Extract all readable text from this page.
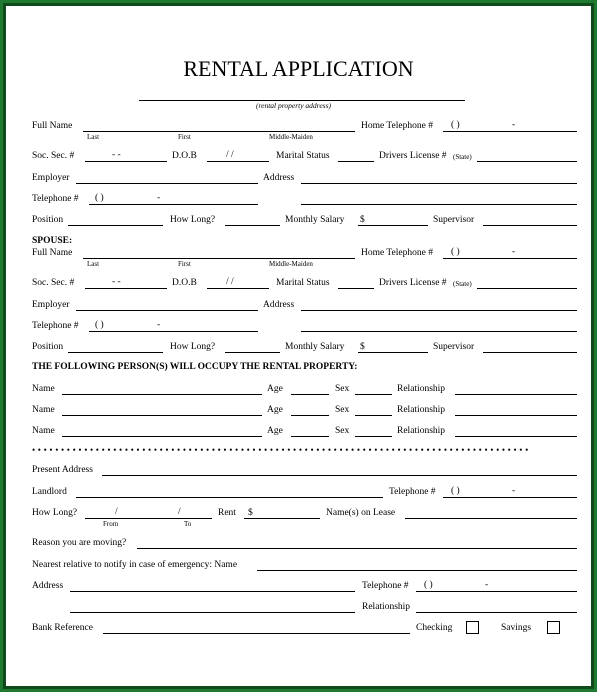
RENTAL APPLICATION
(rental property address)
Full Name
Last	First	Middle-Maiden
Home Telephone # ( )	-
Soc. Sec. #	- -	D.O.B	/ /	Marital Status	Drivers License # (State)
Employer	Address
Telephone # ( )	-
Position	How Long?	Monthly Salary $	Supervisor
SPOUSE:
Full Name
Last	First	Middle-Maiden
Home Telephone # ( )	-
Soc. Sec. #	- -	D.O.B	/ /	Marital Status	Drivers License # (State)
Employer	Address
Telephone # ( )	-
Position	How Long?	Monthly Salary $	Supervisor
THE FOLLOWING PERSON(S) WILL OCCUPY THE RENTAL PROPERTY:
Name	Age	Sex	Relationship
Name	Age	Sex	Relationship
Name	Age	Sex	Relationship
• • • • • • • • • • • • • • • • • • • • • • • • • • • • • • • • • • • • • • • • • • • • • • • • • • • • • • • • • • • • • • • • • • • • • • • • • • • • • • • • • • • • • •
Present Address
Landlord	Telephone # ( )	-
How Long?	/	/
From	To
Rent $	Name(s) on Lease
Reason you are moving?
Nearest relative to notify in case of emergency: Name
Address	Telephone # ( )	-
Relationship
Bank Reference	Checking	Savings
